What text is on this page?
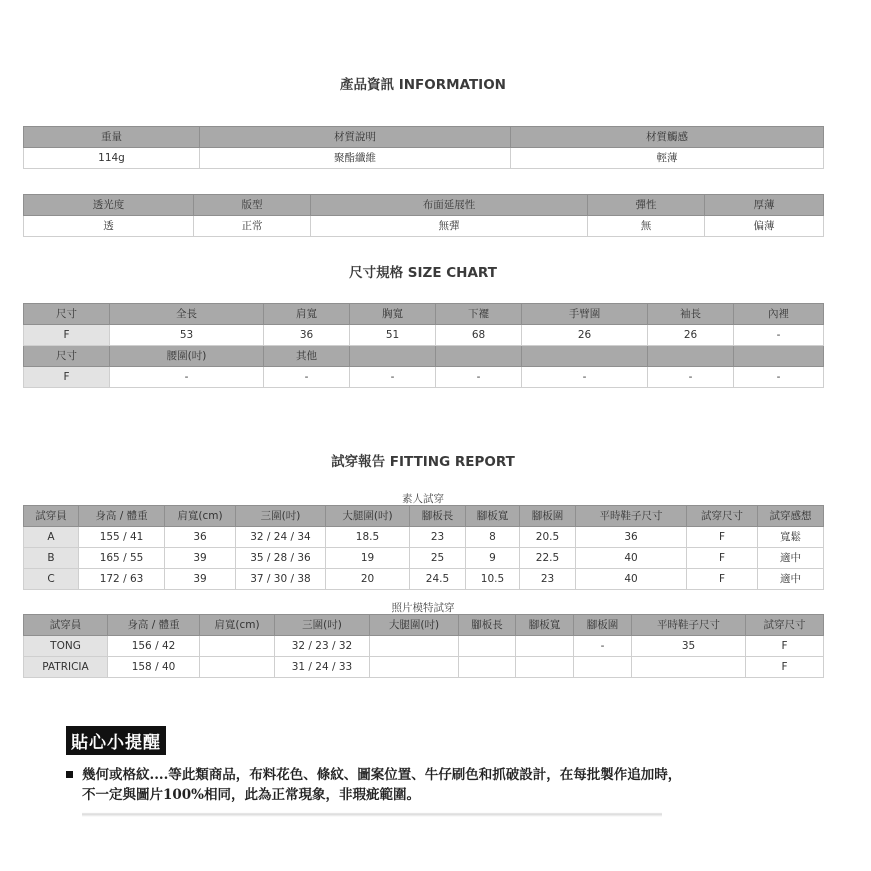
產品資訊 INFORMATION
重量	材質說明	材質觸感
114g	聚酯纖維	輕薄
透光度	版型	布面延展性	彈性	厚薄
透	正常	無彈	無	偏薄
尺寸規格 SIZE CHART
尺寸	全長	肩寬	胸寬	下襬	手臂圍	袖長	內裡
F	53	36	51	68	26	26	-
尺寸	腰圍(吋)	其他					
F	-	-	-	-	-	-	-
試穿報告 FITTING REPORT
素人試穿
試穿員	身高 / 體重	肩寬(cm)	三圍(吋)	大腿圍(吋)	腳板長	腳板寬	腳板圍	平時鞋子尺寸	試穿尺寸	試穿感想
A	155 / 41	36	32 / 24 / 34	18.5	23	8	20.5	36	F	寬鬆
B	165 / 55	39	35 / 28 / 36	19	25	9	22.5	40	F	適中
C	172 / 63	39	37 / 30 / 38	20	24.5	10.5	23	40	F	適中
照片模特試穿
試穿員	身高 / 體重	肩寬(cm)	三圍(吋)	大腿圍(吋)	腳板長	腳板寬	腳板圍	平時鞋子尺寸	試穿尺寸
TONG	156 / 42		32 / 23 / 32				-	35	F
PATRICIA	158 / 40		31 / 24 / 33						F
貼心小提醒
幾何或格紋....等此類商品，布料花色、條紋、圖案位置、牛仔刷色和抓破設計，在每批製作追加時，
不一定與圖片100%相同，此為正常現象，非瑕疵範圍。
